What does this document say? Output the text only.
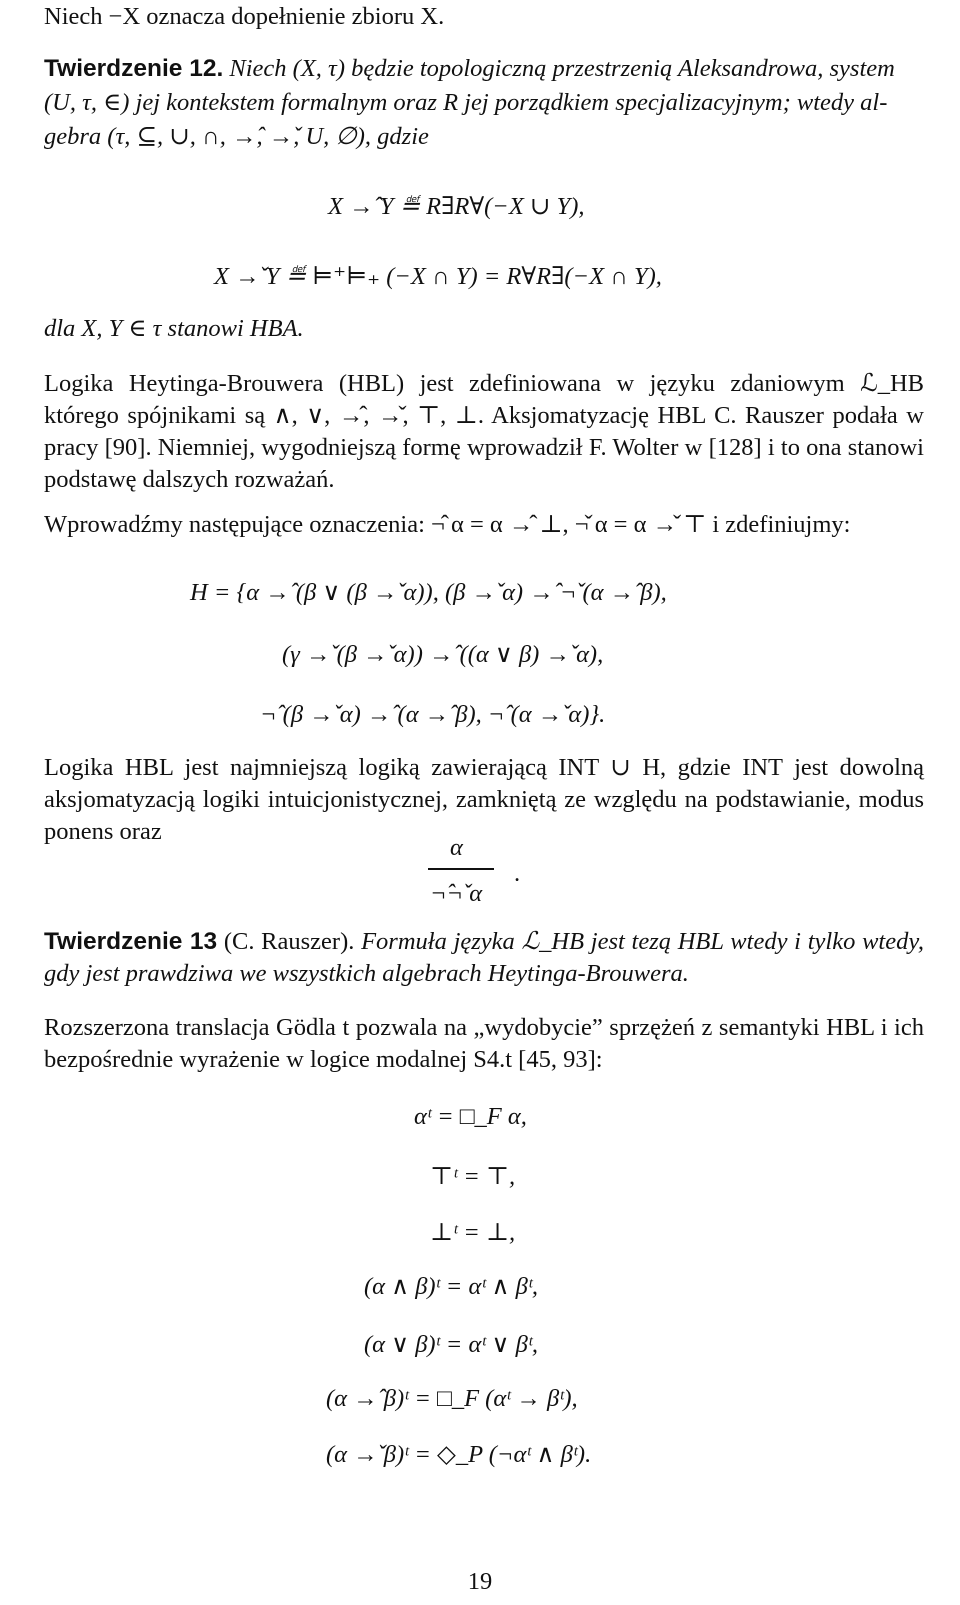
Niech −X oznacza dopełnienie zbioru X.
Twierdzenie 12. Niech (X, τ) będzie topologiczną przestrzenią Aleksandrowa, system
(U, τ, ∈) jej kontekstem formalnym oraz R jej porządkiem specjalizacyjnym; wtedy al-
gebra (τ, ⊆, ∪, ∩, →̂, →̌, U, ∅), gdzie
X →̂ Y ≝ R∃R∀(−X ∪ Y),
X →̌ Y ≝ ⊨⁺⊨₊ (−X ∩ Y) = R∀R∃(−X ∩ Y),
dla X, Y ∈ τ stanowi HBA.
Logika Heytinga-Brouwera (HBL) jest zdefiniowana w języku zdaniowym ℒ_HB którego spójnikami są ∧, ∨, →̂, →̌, ⊤, ⊥. Aksjomatyzację HBL C. Rauszer podała w pracy [90]. Niemniej, wygodniejszą formę wprowadził F. Wolter w [128] i to ona stanowi podstawę dalszych rozważań.
Wprowadźmy następujące oznaczenia: ¬̂ α = α →̂ ⊥, ¬̌ α = α →̌ ⊤ i zdefiniujmy:
H = {α →̂ (β ∨ (β →̌ α)), (β →̌ α) →̂ ¬̌ (α →̂ β),
(γ →̌ (β →̌ α)) →̂ ((α ∨ β) →̌ α),
¬̂ (β →̌ α) →̂ (α →̂ β), ¬̂ (α →̌ α)}.
Logika HBL jest najmniejszą logiką zawierającą INT ∪ H, gdzie INT jest dowolną aksjomatyzacją logiki intuicjonistycznej, zamkniętą ze względu na podstawianie, modus ponens oraz
α
¬̂¬̌ α
.
Twierdzenie 13 (C. Rauszer). Formuła języka ℒ_HB jest tezą HBL wtedy i tylko wtedy, gdy jest prawdziwa we wszystkich algebrach Heytinga-Brouwera.
Rozszerzona translacja Gödla t pozwala na „wydobycie” sprzężeń z semantyki HBL i ich bezpośrednie wyrażenie w logice modalnej S4.t [45, 93]:
αᵗ = □_F α,
⊤ᵗ = ⊤,
⊥ᵗ = ⊥,
(α ∧ β)ᵗ = αᵗ ∧ βᵗ,
(α ∨ β)ᵗ = αᵗ ∨ βᵗ,
(α →̂ β)ᵗ = □_F (αᵗ → βᵗ),
(α →̌ β)ᵗ = ◇_P (¬αᵗ ∧ βᵗ).
19
